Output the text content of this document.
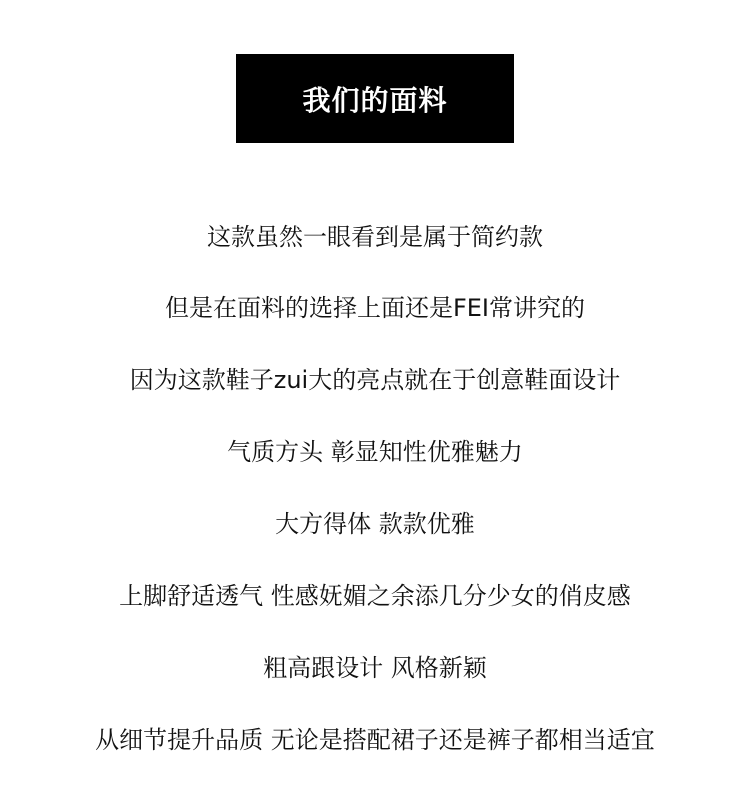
我们的面料
这款虽然一眼看到是属于简约款
但是在面料的选择上面还是FEI常讲究的
因为这款鞋子zui大的亮点就在于创意鞋面设计
气质方头 彰显知性优雅魅力
大方得体 款款优雅
上脚舒适透气 性感妩媚之余添几分少女的俏皮感
粗高跟设计 风格新颖
从细节提升品质 无论是搭配裙子还是裤子都相当适宜
